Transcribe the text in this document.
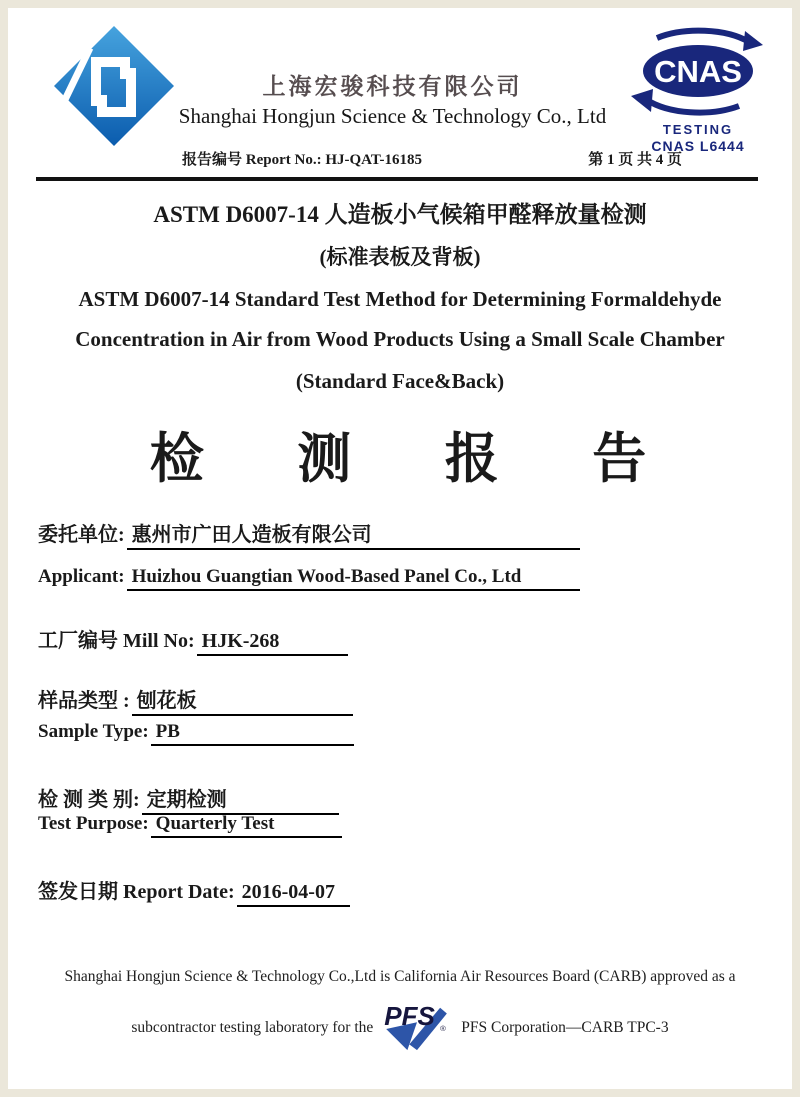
上海宏骏科技有限公司
Shanghai Hongjun Science & Technology Co., Ltd
CNAS
TESTING
CNAS L6444
报告编号 Report No.: HJ-QAT-16185	第 1 页 共 4 页
ASTM D6007-14 人造板小气候箱甲醛释放量检测
(标准表板及背板)
ASTM D6007-14 Standard Test Method for Determining Formaldehyde
Concentration in Air from Wood Products Using a Small Scale Chamber
(Standard Face&Back)
检 测 报 告
委托单位: 惠州市广田人造板有限公司
Applicant: Huizhou Guangtian Wood-Based Panel Co., Ltd
工厂编号 Mill No: HJK-268
样品类型 : 刨花板
Sample Type: PB
检 测 类 别: 定期检测
Test Purpose: Quarterly Test
签发日期 Report Date: 2016-04-07
Shanghai Hongjun Science & Technology Co.,Ltd is California Air Resources Board (CARB) approved as a
subcontractor testing laboratory for the PFS ® PFS Corporation—CARB TPC-3
